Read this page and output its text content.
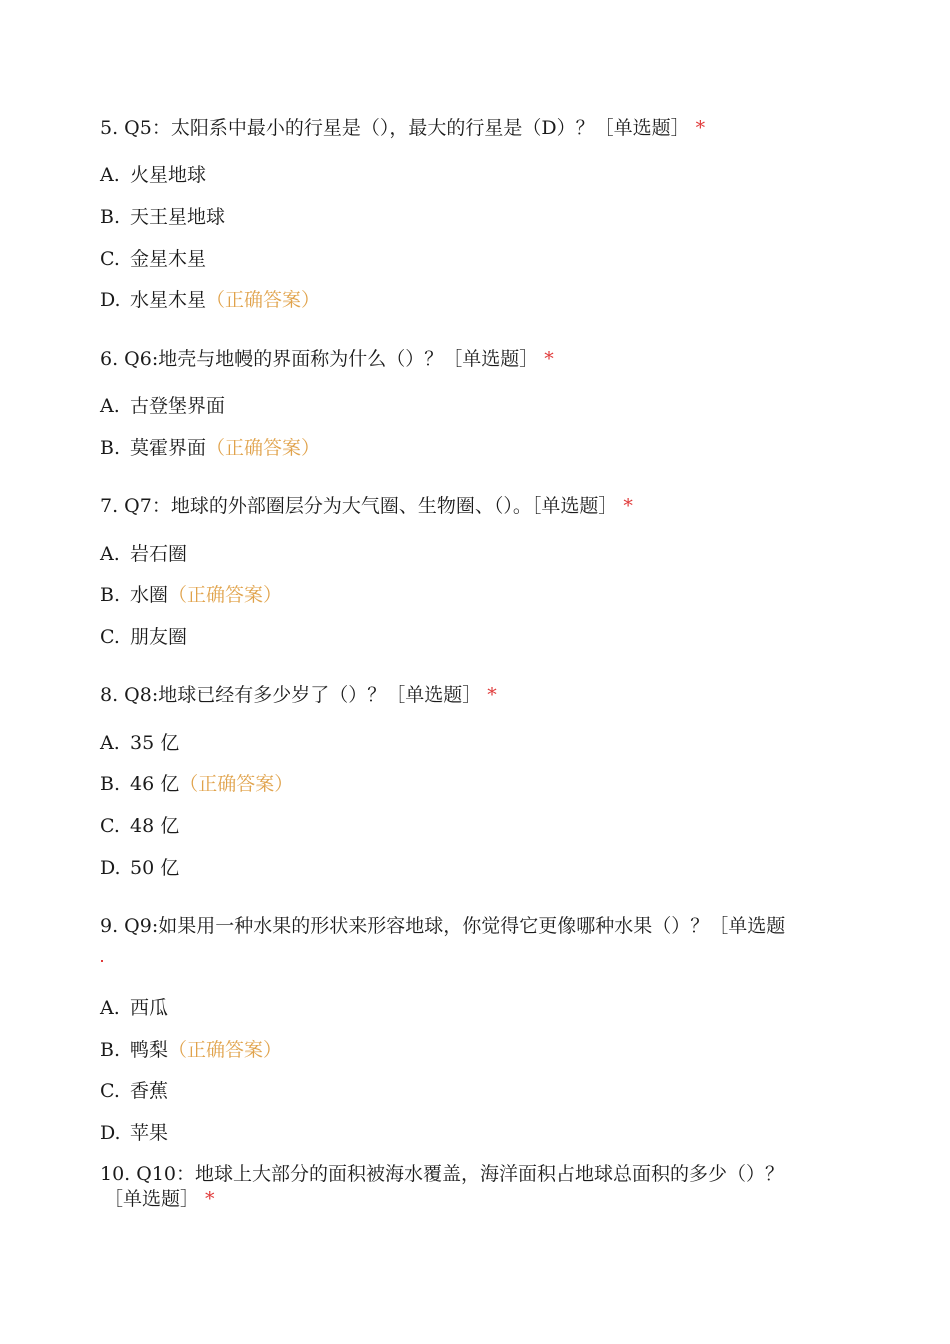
5. Q5：太阳系中最小的行星是（），最大的行星是（D）？［单选题］ *
A. 火星地球
B. 天王星地球
C. 金星木星
D. 水星木星（正确答案）
6. Q6:地壳与地幔的界面称为什么（）？［单选题］ *
A. 古登堡界面
B. 莫霍界面（正确答案）
7. Q7：地球的外部圈层分为大气圈、生物圈、（）。［单选题］ *
A. 岩石圈
B. 水圈（正确答案）
C. 朋友圈
8. Q8:地球已经有多少岁了（）？［单选题］ *
A. 35 亿
B. 46 亿（正确答案）
C. 48 亿
D. 50 亿
9. Q9:如果用一种水果的形状来形容地球，你觉得它更像哪种水果（）？［单选题
A. 西瓜
B. 鸭梨（正确答案）
C. 香蕉
D. 苹果
10. Q10：地球上大部分的面积被海水覆盖，海洋面积占地球总面积的多少（）？
［单选题］ *
